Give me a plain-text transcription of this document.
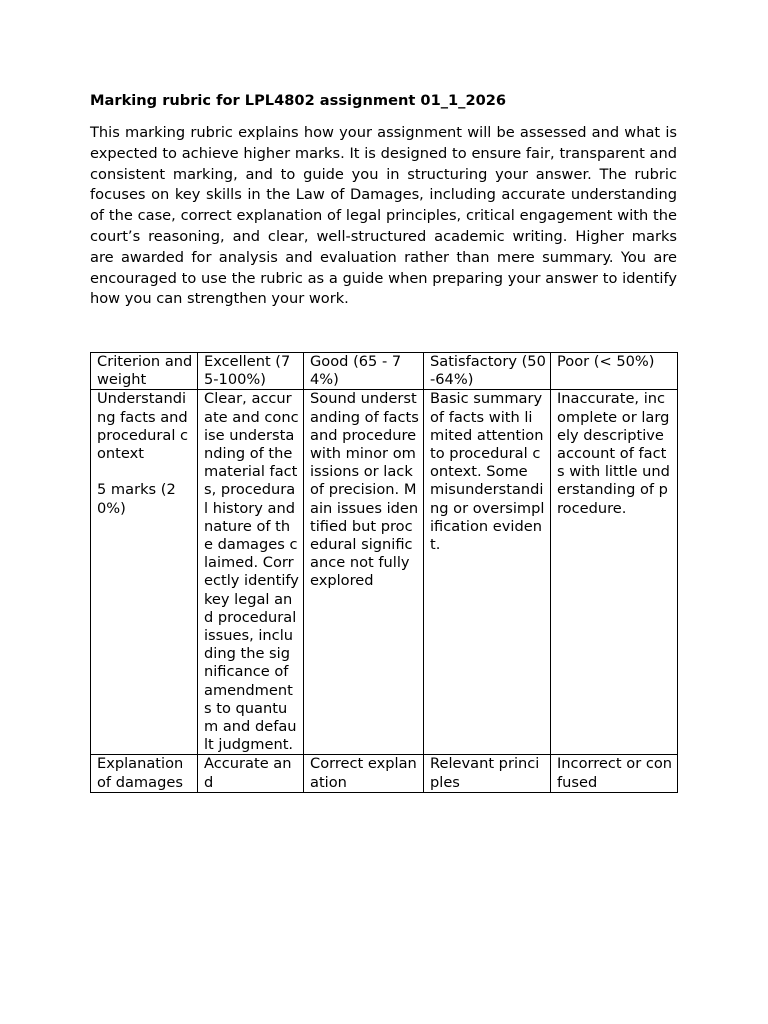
Marking rubric for LPL4802 assignment 01_1_2026

This marking rubric explains how your assignment will be assessed and what is expected to achieve higher marks. It is designed to ensure fair, transparent and consistent marking, and to guide you in structuring your answer. The rubric focuses on key skills in the Law of Damages, including accurate understanding of the case, correct explanation of legal principles, critical engagement with the court’s reasoning, and clear, well-structured academic writing. Higher marks are awarded for analysis and evaluation rather than mere summary. You are encouraged to use the rubric as a guide when preparing your answer to identify how you can strengthen your work.

Criterion and weight	Excellent (75-100%)	Good (65 - 74%)	Satisfactory (50 -64%)	Poor (< 50%)

Understanding facts and procedural context
5 marks (20%)	Clear, accurate and concise understanding of the material facts, procedural history and nature of the damages claimed. Correctly identify key legal and procedural issues, including the significance of amendments to quantum and default judgment.	Sound understanding of facts and procedure with minor omissions or lack of precision. Main issues identified but procedural significance not fully explored	Basic summary of facts with limited attention to procedural context. Some misunderstanding or oversimplification evident.	Inaccurate, incomplete or largely descriptive account of facts with little understanding of procedure.

Explanation of damages	Accurate and	Correct explanation	Relevant principles	Incorrect or confused
